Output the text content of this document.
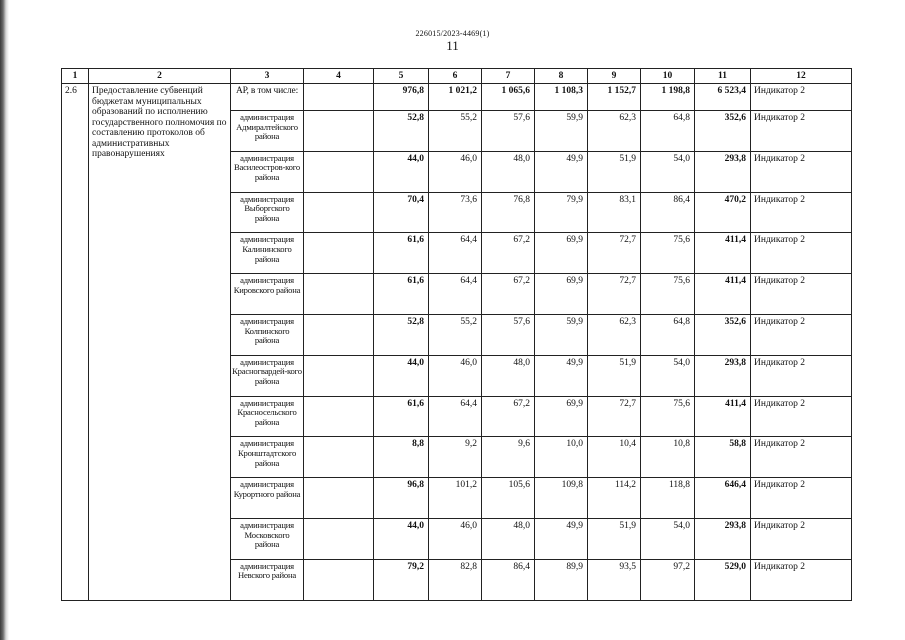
226015/2023-4469(1)
11
1	2	3	4	5	6	7	8	9	10	11	12
2.6	Предоставление субвенций бюджетам муниципальных образований по исполнению государственного полномочия по составлению протоколов об административных правонарушениях	АР, в том числе:		976,8	1 021,2	1 065,6	1 108,3	1 152,7	1 198,8	6 523,4	Индикатор 2
		администрация Адмиралтейского района		52,8	55,2	57,6	59,9	62,3	64,8	352,6	Индикатор 2
		администрация Василеостров-кого района		44,0	46,0	48,0	49,9	51,9	54,0	293,8	Индикатор 2
		администрация Выборгского района		70,4	73,6	76,8	79,9	83,1	86,4	470,2	Индикатор 2
		администрация Калининского района		61,6	64,4	67,2	69,9	72,7	75,6	411,4	Индикатор 2
		администрация Кировского района		61,6	64,4	67,2	69,9	72,7	75,6	411,4	Индикатор 2
		администрация Колпинского района		52,8	55,2	57,6	59,9	62,3	64,8	352,6	Индикатор 2
		администрация Красногвардей-кого района		44,0	46,0	48,0	49,9	51,9	54,0	293,8	Индикатор 2
		администрация Красносельского района		61,6	64,4	67,2	69,9	72,7	75,6	411,4	Индикатор 2
		администрация Кронштадтского района		8,8	9,2	9,6	10,0	10,4	10,8	58,8	Индикатор 2
		администрация Курортного района		96,8	101,2	105,6	109,8	114,2	118,8	646,4	Индикатор 2
		администрация Московского района		44,0	46,0	48,0	49,9	51,9	54,0	293,8	Индикатор 2
		администрация Невского района		79,2	82,8	86,4	89,9	93,5	97,2	529,0	Индикатор 2
